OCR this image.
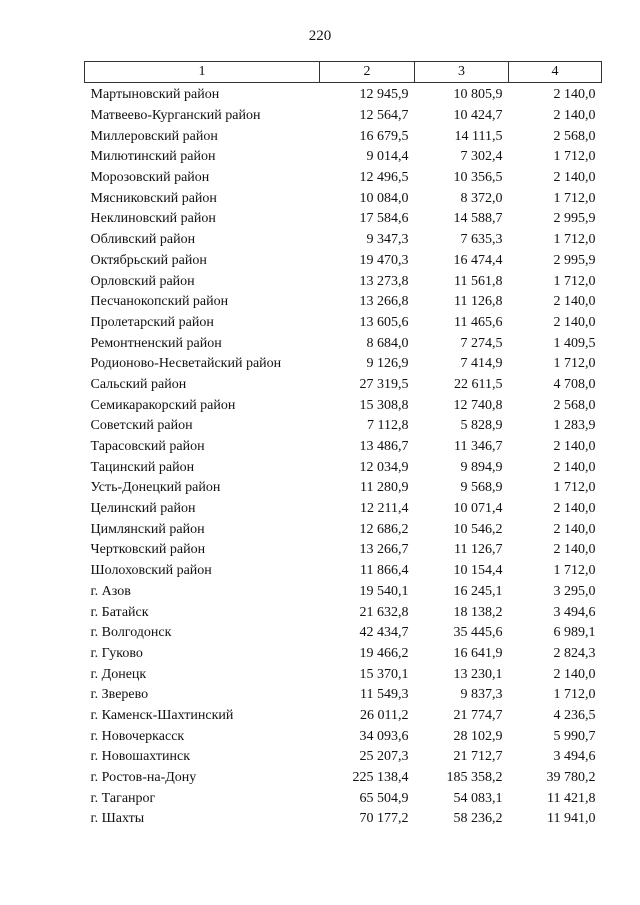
220
1	2	3	4
Мартыновский район	12 945,9	10 805,9	2 140,0
Матвеево-Курганский район	12 564,7	10 424,7	2 140,0
Миллеровский район	16 679,5	14 111,5	2 568,0
Милютинский район	9 014,4	7 302,4	1 712,0
Морозовский район	12 496,5	10 356,5	2 140,0
Мясниковский район	10 084,0	8 372,0	1 712,0
Неклиновский район	17 584,6	14 588,7	2 995,9
Обливский район	9 347,3	7 635,3	1 712,0
Октябрьский район	19 470,3	16 474,4	2 995,9
Орловский район	13 273,8	11 561,8	1 712,0
Песчанокопский район	13 266,8	11 126,8	2 140,0
Пролетарский район	13 605,6	11 465,6	2 140,0
Ремонтненский район	8 684,0	7 274,5	1 409,5
Родионово-Несветайский район	9 126,9	7 414,9	1 712,0
Сальский район	27 319,5	22 611,5	4 708,0
Семикаракорский район	15 308,8	12 740,8	2 568,0
Советский район	7 112,8	5 828,9	1 283,9
Тарасовский район	13 486,7	11 346,7	2 140,0
Тацинский район	12 034,9	9 894,9	2 140,0
Усть-Донецкий район	11 280,9	9 568,9	1 712,0
Целинский район	12 211,4	10 071,4	2 140,0
Цимлянский район	12 686,2	10 546,2	2 140,0
Чертковский район	13 266,7	11 126,7	2 140,0
Шолоховский район	11 866,4	10 154,4	1 712,0
г. Азов	19 540,1	16 245,1	3 295,0
г. Батайск	21 632,8	18 138,2	3 494,6
г. Волгодонск	42 434,7	35 445,6	6 989,1
г. Гуково	19 466,2	16 641,9	2 824,3
г. Донецк	15 370,1	13 230,1	2 140,0
г. Зверево	11 549,3	9 837,3	1 712,0
г. Каменск-Шахтинский	26 011,2	21 774,7	4 236,5
г. Новочеркасск	34 093,6	28 102,9	5 990,7
г. Новошахтинск	25 207,3	21 712,7	3 494,6
г. Ростов-на-Дону	225 138,4	185 358,2	39 780,2
г. Таганрог	65 504,9	54 083,1	11 421,8
г. Шахты	70 177,2	58 236,2	11 941,0
